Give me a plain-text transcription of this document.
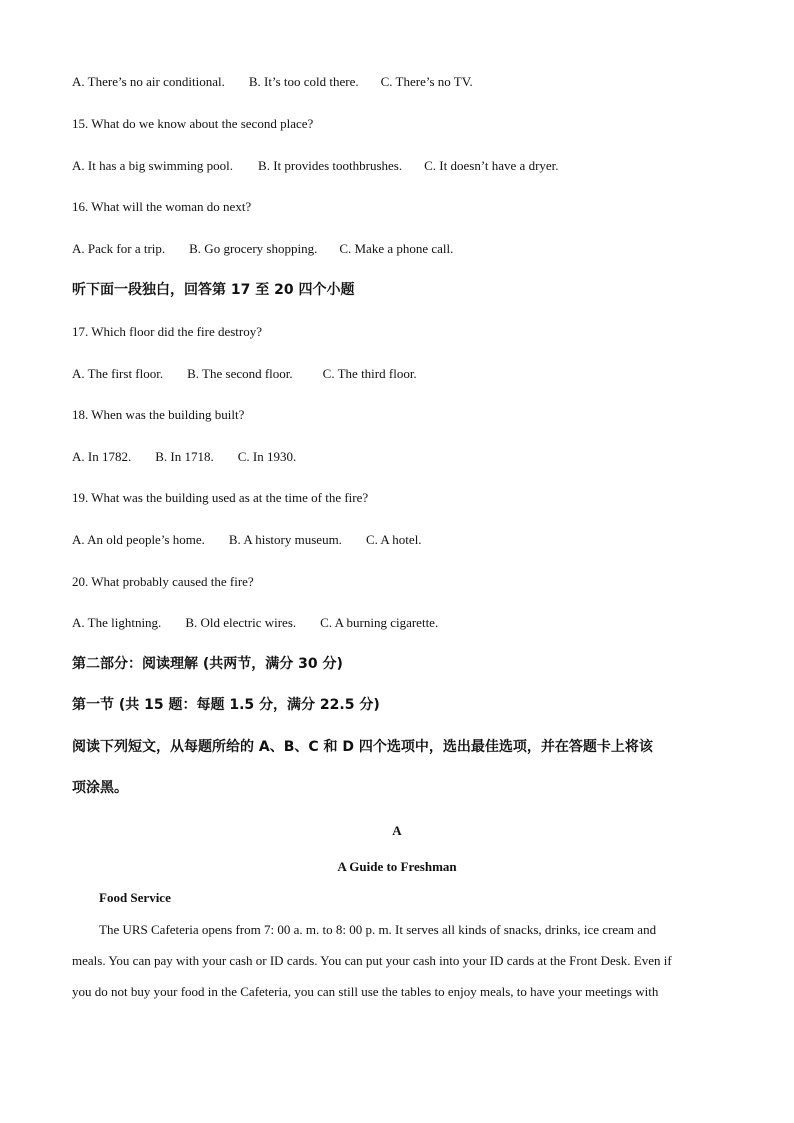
A. There’s no air conditional. B. It’s too cold there. C. There’s no TV.
15. What do we know about the second place?
A. It has a big swimming pool. B. It provides toothbrushes. C. It doesn’t have a dryer.
16. What will the woman do next?
A. Pack for a trip. B. Go grocery shopping. C. Make a phone call.
听下面一段独白，回答第 17 至 20 四个小题
17. Which floor did the fire destroy?
A. The first floor. B. The second floor. C. The third floor.
18. When was the building built?
A. In 1782. B. In 1718. C. In 1930.
19. What was the building used as at the time of the fire?
A. An old people’s home. B. A history museum. C. A hotel.
20. What probably caused the fire?
A. The lightning. B. Old electric wires. C. A burning cigarette.
第二部分：阅读理解 (共两节，满分 30 分)
第一节 (共 15 题：每题 1.5 分，满分 22.5 分)
阅读下列短文，从每题所给的 A、B、C 和 D 四个选项中，选出最佳选项，并在答题卡上将该
项涂黑。
A
A Guide to Freshman
Food Service
The URS Cafeteria opens from 7: 00 a. m. to 8: 00 p. m. It serves all kinds of snacks, drinks, ice cream and
meals. You can pay with your cash or ID cards. You can put your cash into your ID cards at the Front Desk. Even if
you do not buy your food in the Cafeteria, you can still use the tables to enjoy meals, to have your meetings with
